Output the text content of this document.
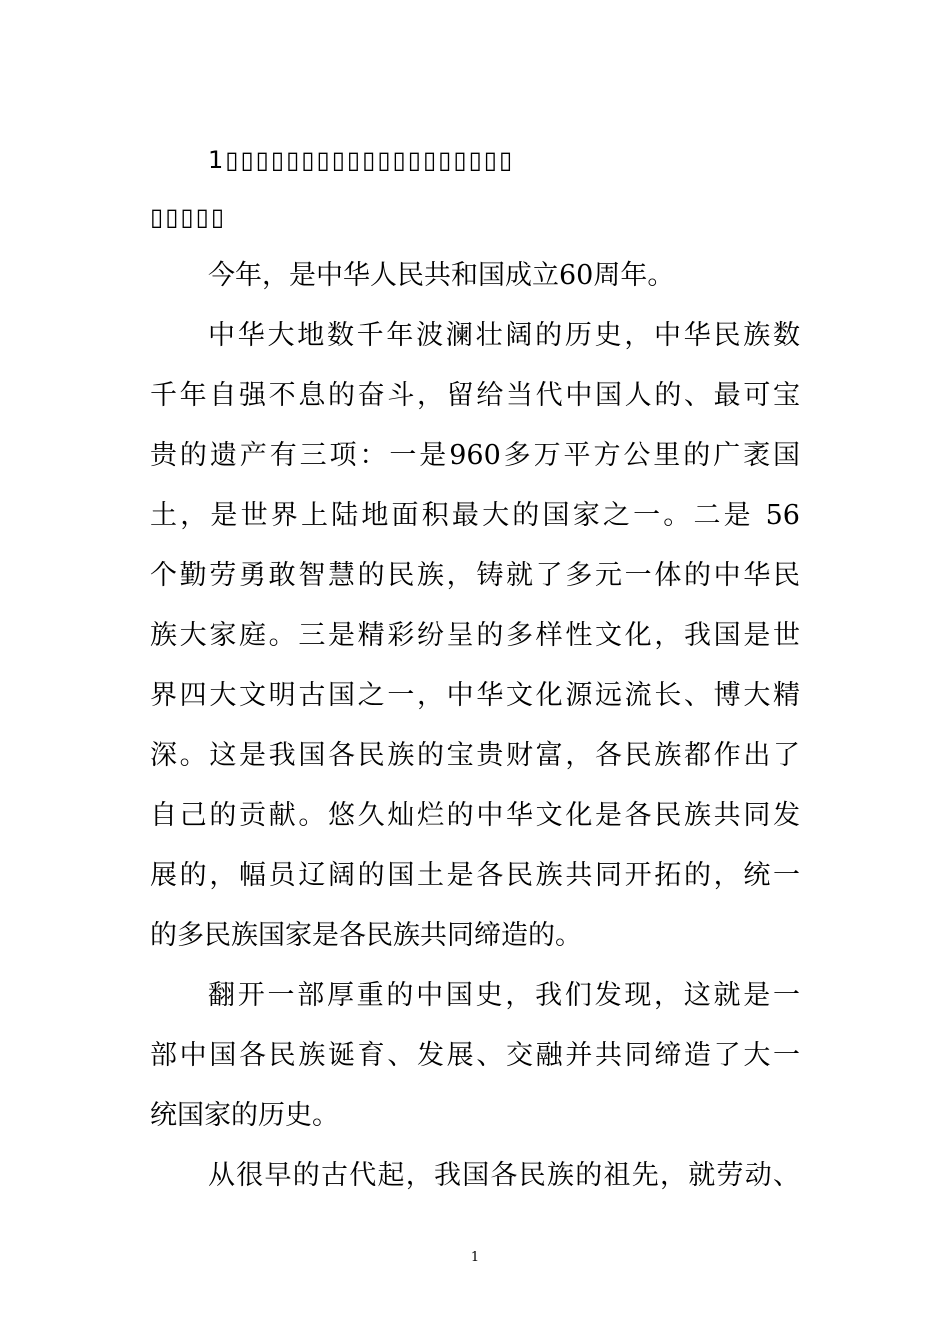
1▯▯▯▯▯▯▯▯▯▯▯▯▯▯▯▯▯▯▯
▯▯▯▯▯
今年，是中华人民共和国成立60周年。
中华大地数千年波澜壮阔的历史，中华民族数
千年自强不息的奋斗，留给当代中国人的、最可宝
贵的遗产有三项：一是960多万平方公里的广袤国
土，是世界上陆地面积最大的国家之一。二是 56
个勤劳勇敢智慧的民族，铸就了多元一体的中华民
族大家庭。三是精彩纷呈的多样性文化，我国是世
界四大文明古国之一，中华文化源远流长、博大精
深。这是我国各民族的宝贵财富，各民族都作出了
自己的贡献。悠久灿烂的中华文化是各民族共同发
展的，幅员辽阔的国土是各民族共同开拓的，统一
的多民族国家是各民族共同缔造的。
翻开一部厚重的中国史，我们发现，这就是一
部中国各民族诞育、发展、交融并共同缔造了大一
统国家的历史。
从很早的古代起，我国各民族的祖先，就劳动、
1
